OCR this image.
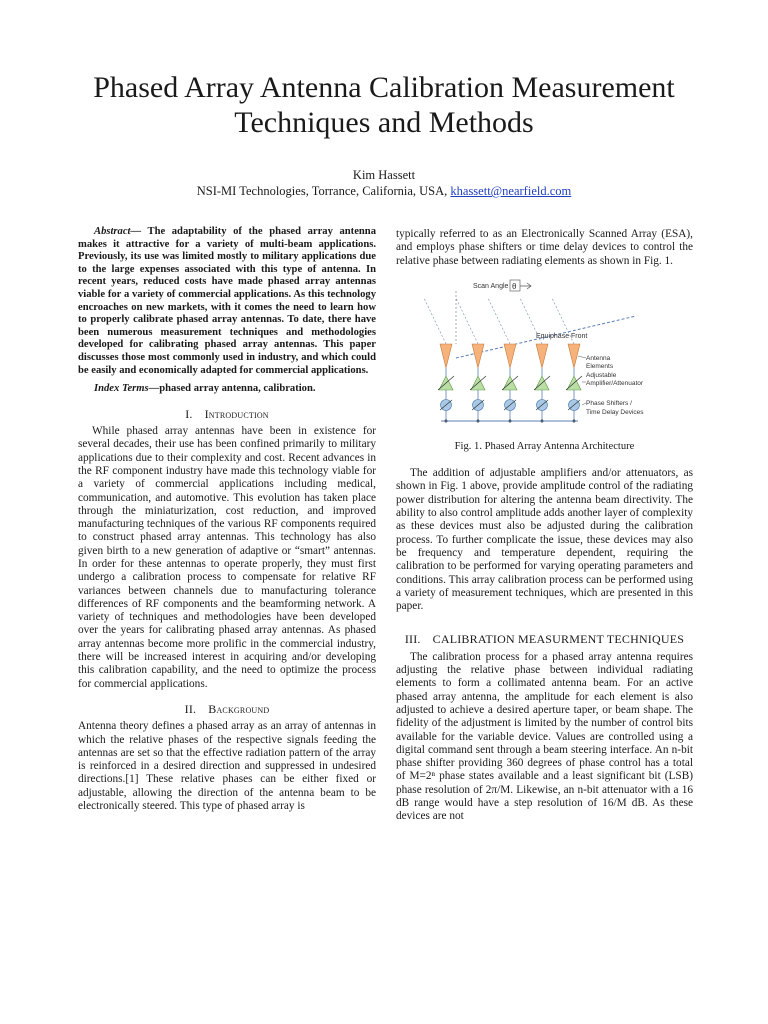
Phased Array Antenna Calibration Measurement
Techniques and Methods
Kim Hassett
NSI-MI Technologies, Torrance, California, USA, khassett@nearfield.com

Abstract— The adaptability of the phased array antenna makes it attractive for a variety of multi-beam applications. Previously, its use was limited mostly to military applications due to the large expenses associated with this type of antenna. In recent years, reduced costs have made phased array antennas viable for a variety of commercial applications. As this technology encroaches on new markets, with it comes the need to learn how to properly calibrate phased array antennas. To date, there have been numerous measurement techniques and methodologies developed for calibrating phased array antennas. This paper discusses those most commonly used in industry, and which could be easily and economically adapted for commercial applications.

Index Terms—phased array antenna, calibration.

I. Introduction

While phased array antennas have been in existence for several decades, their use has been confined primarily to military applications due to their complexity and cost. Recent advances in the RF component industry have made this technology viable for a variety of commercial applications including medical, communication, and automotive. This evolution has taken place through the miniaturization, cost reduction, and improved manufacturing techniques of the various RF components required to construct phased array antennas. This technology has also given birth to a new generation of adaptive or “smart” antennas. In order for these antennas to operate properly, they must first undergo a calibration process to compensate for relative RF variances between channels due to manufacturing tolerance differences of RF components and the beamforming network. A variety of techniques and methodologies have been developed over the years for calibrating phased array antennas. As phased array antennas become more prolific in the commercial industry, there will be increased interest in acquiring and/or developing this calibration capability, and the need to optimize the process for commercial applications.

II. Background

Antenna theory defines a phased array as an array of antennas in which the relative phases of the respective signals feeding the antennas are set so that the effective radiation pattern of the array is reinforced in a desired direction and suppressed in undesired directions.[1] These relative phases can be either fixed or adjustable, allowing the direction of the antenna beam to be electronically steered. This type of phased array is

typically referred to as an Electronically Scanned Array (ESA), and employs phase shifters or time delay devices to control the relative phase between radiating elements as shown in Fig. 1.

Scan Angle θ
Equiphase Front
Antenna
Elements
Adjustable
Amplifier/Attenuator
Phase Shifters /
Time Delay Devices

Fig. 1. Phased Array Antenna Architecture

The addition of adjustable amplifiers and/or attenuators, as shown in Fig. 1 above, provide amplitude control of the radiating power distribution for altering the antenna beam directivity. The ability to also control amplitude adds another layer of complexity as these devices must also be adjusted during the calibration process. To further complicate the issue, these devices may also be frequency and temperature dependent, requiring the calibration to be performed for varying operating parameters and conditions. This array calibration process can be performed using a variety of measurement techniques, which are presented in this paper.

III. CALIBRATION MEASURMENT TECHNIQUES

The calibration process for a phased array antenna requires adjusting the relative phase between individual radiating elements to form a collimated antenna beam. For an active phased array antenna, the amplitude for each element is also adjusted to achieve a desired aperture taper, or beam shape. The fidelity of the adjustment is limited by the number of control bits available for the variable device. Values are controlled using a digital command sent through a beam steering interface. An n-bit phase shifter providing 360 degrees of phase control has a total of M=2ⁿ phase states available and a least significant bit (LSB) phase resolution of 2π/M. Likewise, an n-bit attenuator with a 16 dB range would have a step resolution of 16/M dB. As these devices are not
